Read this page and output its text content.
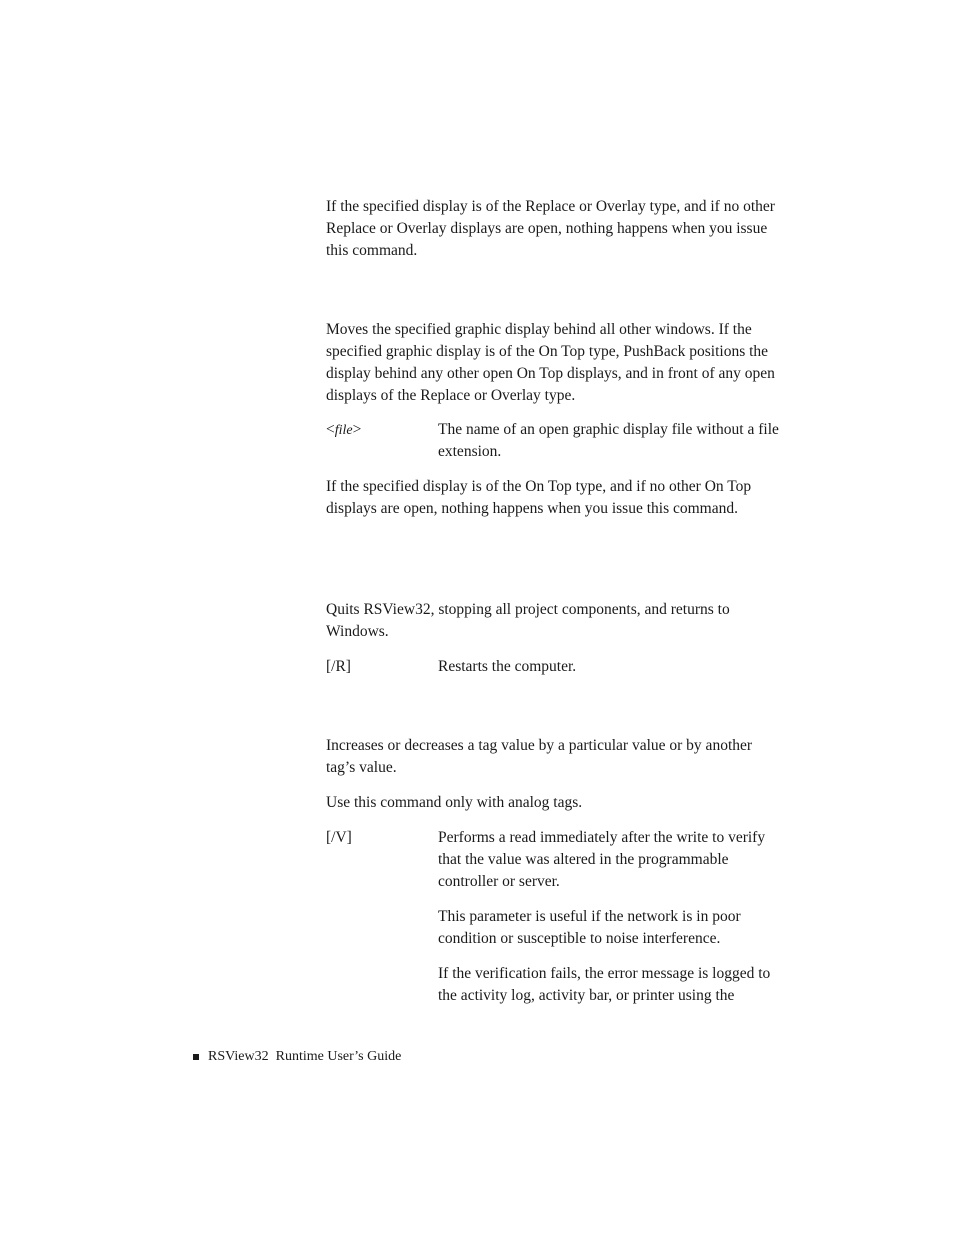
If the specified display is of the Replace or Overlay type, and if no other Replace or Overlay displays are open, nothing happens when you issue this command.

Moves the specified graphic display behind all other windows. If the specified graphic display is of the On Top type, PushBack positions the display behind any other open On Top displays, and in front of any open displays of the Replace or Overlay type.

<file>	The name of an open graphic display file without a file extension.

If the specified display is of the On Top type, and if no other On Top displays are open, nothing happens when you issue this command.

Quits RSView32, stopping all project components, and returns to Windows.

[/R]	Restarts the computer.

Increases or decreases a tag value by a particular value or by another tag’s value.

Use this command only with analog tags.

[/V]	Performs a read immediately after the write to verify that the value was altered in the programmable controller or server.

This parameter is useful if the network is in poor condition or susceptible to noise interference.

If the verification fails, the error message is logged to the activity log, activity bar, or printer using the

RSView32 Runtime User’s Guide
